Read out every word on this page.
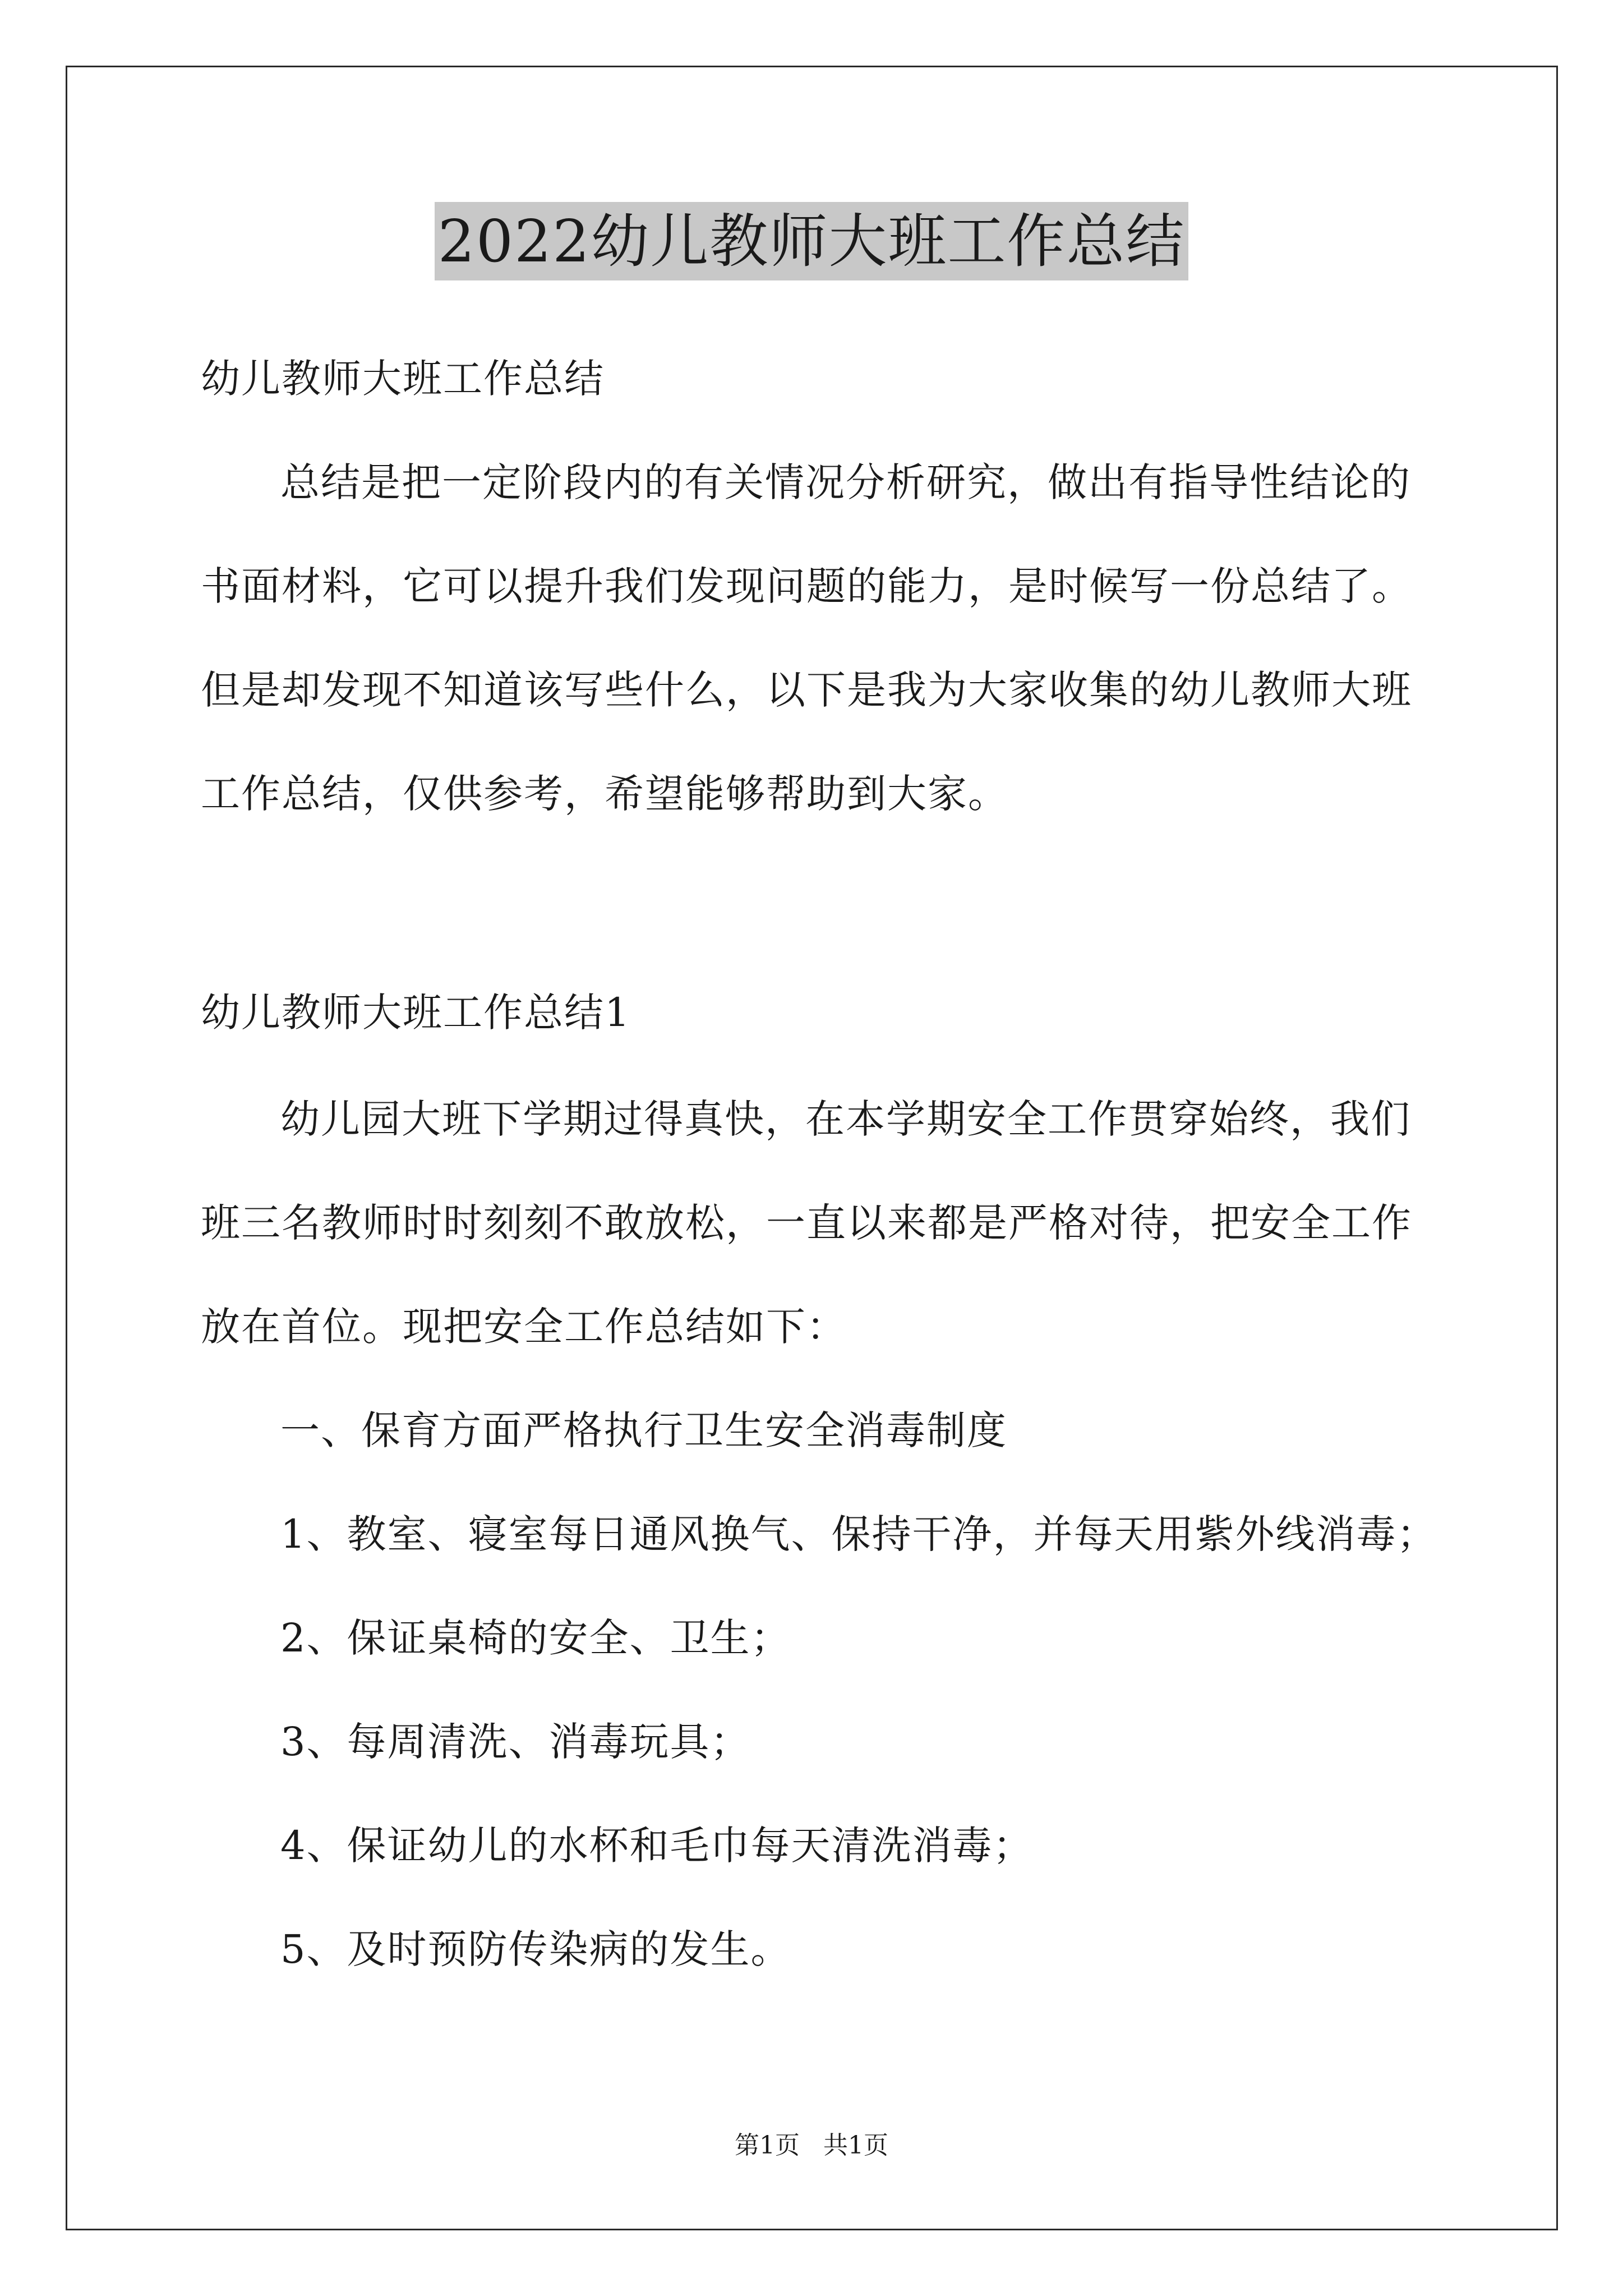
2022幼儿教师大班工作总结
幼儿教师大班工作总结
总结是把一定阶段内的有关情况分析研究，做出有指导性结论的
书面材料，它可以提升我们发现问题的能力，是时候写一份总结了。
但是却发现不知道该写些什么，以下是我为大家收集的幼儿教师大班
工作总结，仅供参考，希望能够帮助到大家。
幼儿教师大班工作总结1
幼儿园大班下学期过得真快，在本学期安全工作贯穿始终，我们
班三名教师时时刻刻不敢放松，一直以来都是严格对待，把安全工作
放在首位。现把安全工作总结如下：
一、保育方面严格执行卫生安全消毒制度
1、教室、寝室每日通风换气、保持干净，并每天用紫外线消毒；
2、保证桌椅的安全、卫生；
3、每周清洗、消毒玩具；
4、保证幼儿的水杯和毛巾每天清洗消毒；
5、及时预防传染病的发生。
第1页 共1页
